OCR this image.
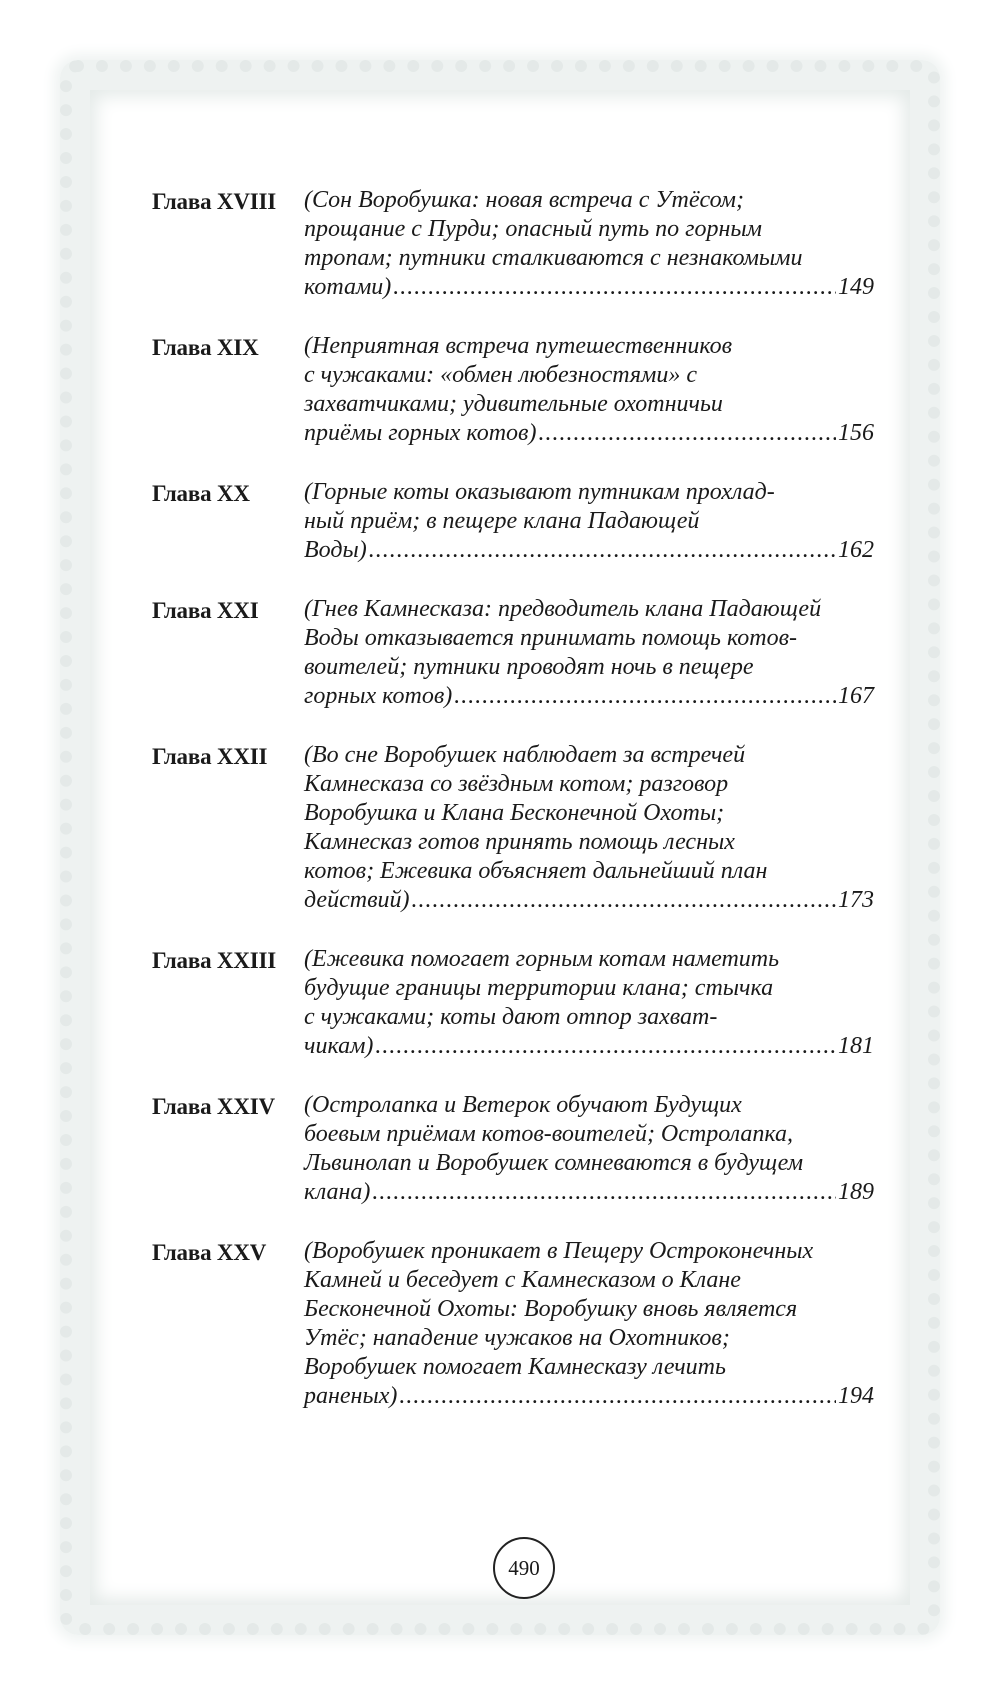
Глава XVIII	(Сон Воробушка: новая встреча с Утёсом;
прощание с Пурди; опасный путь по горным
тропам; путники сталкиваются с незнакомыми
котами) .....	149
Глава XIX	(Неприятная встреча путешественников
с чужаками: «обмен любезностями» с
захватчиками; удивительные охотничьи
приёмы горных котов) .....	156
Глава XX	(Горные коты оказывают путникам прохлад-
ный приём; в пещере клана Падающей
Воды) .....	162
Глава XXI	(Гнев Камнесказа: предводитель клана Падающей
Воды отказывается принимать помощь котов-
воителей; путники проводят ночь в пещере
горных котов) .....	167
Глава XXII	(Во сне Воробушек наблюдает за встречей
Камнесказа со звёздным котом; разговор
Воробушка и Клана Бесконечной Охоты;
Камнесказ готов принять помощь лесных
котов; Ежевика объясняет дальнейший план
действий) .....	173
Глава XXIII	(Ежевика помогает горным котам наметить
будущие границы территории клана; стычка
с чужаками; коты дают отпор захват-
чикам) .....	181
Глава XXIV	(Остролапка и Ветерок обучают Будущих
боевым приёмам котов-воителей; Остролапка,
Львинолап и Воробушек сомневаются в будущем
клана) .....	189
Глава XXV	(Воробушек проникает в Пещеру Остроконечных
Камней и беседует с Камнесказом о Клане
Бесконечной Охоты: Воробушку вновь является
Утёс; нападение чужаков на Охотников;
Воробушек помогает Камнесказу лечить
раненых) .....	194
490
